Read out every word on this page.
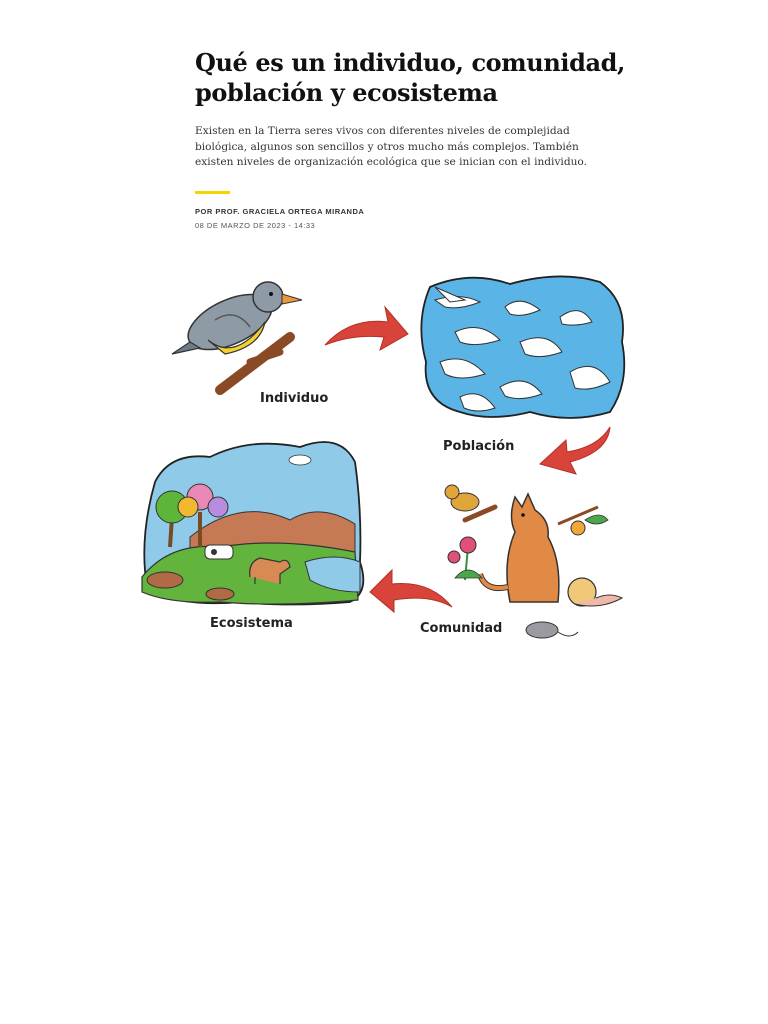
Qué es un individuo, comunidad,
población y ecosistema

Existen en la Tierra seres vivos con diferentes niveles de complejidad biológica, algunos son sencillos y otros mucho más complejos. También existen niveles de organización ecológica que se inician con el individuo.

POR PROF. GRACIELA ORTEGA MIRANDA
08 DE MARZO DE 2023 - 14:33
Individuo
Población
Comunidad
Ecosistema
